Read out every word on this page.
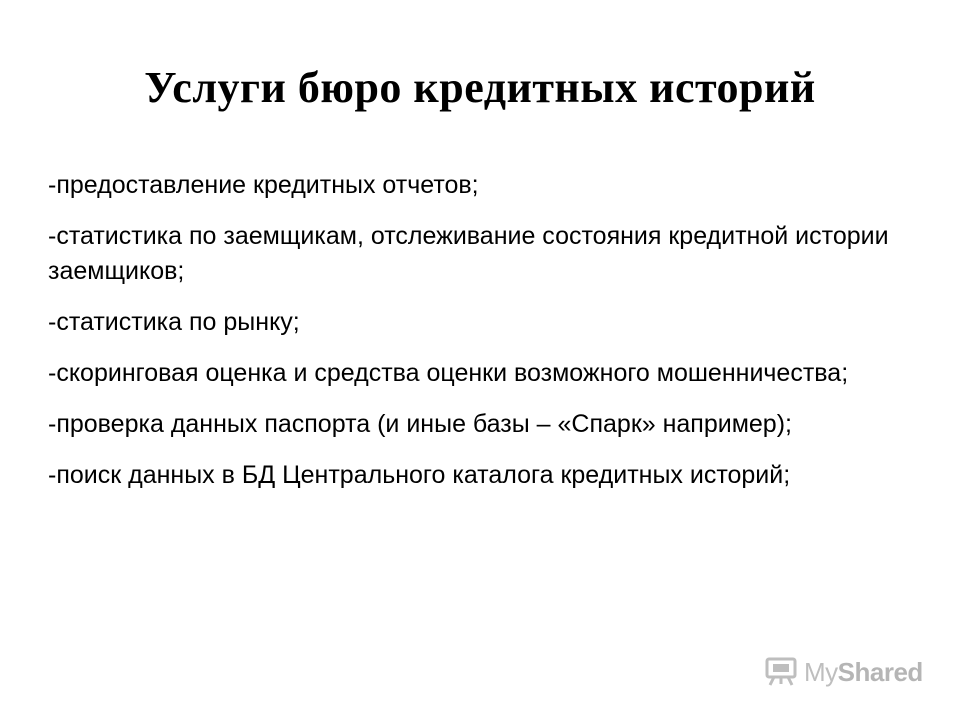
Услуги бюро кредитных историй
-предоставление кредитных отчетов;
-статистика по заемщикам, отслеживание состояния кредитной истории заемщиков;
-статистика по рынку;
-скоринговая оценка и средства оценки возможного мошенничества;
-проверка данных паспорта (и иные базы – «Спарк» например);
-поиск данных в БД Центрального каталога кредитных историй;
MyShared
